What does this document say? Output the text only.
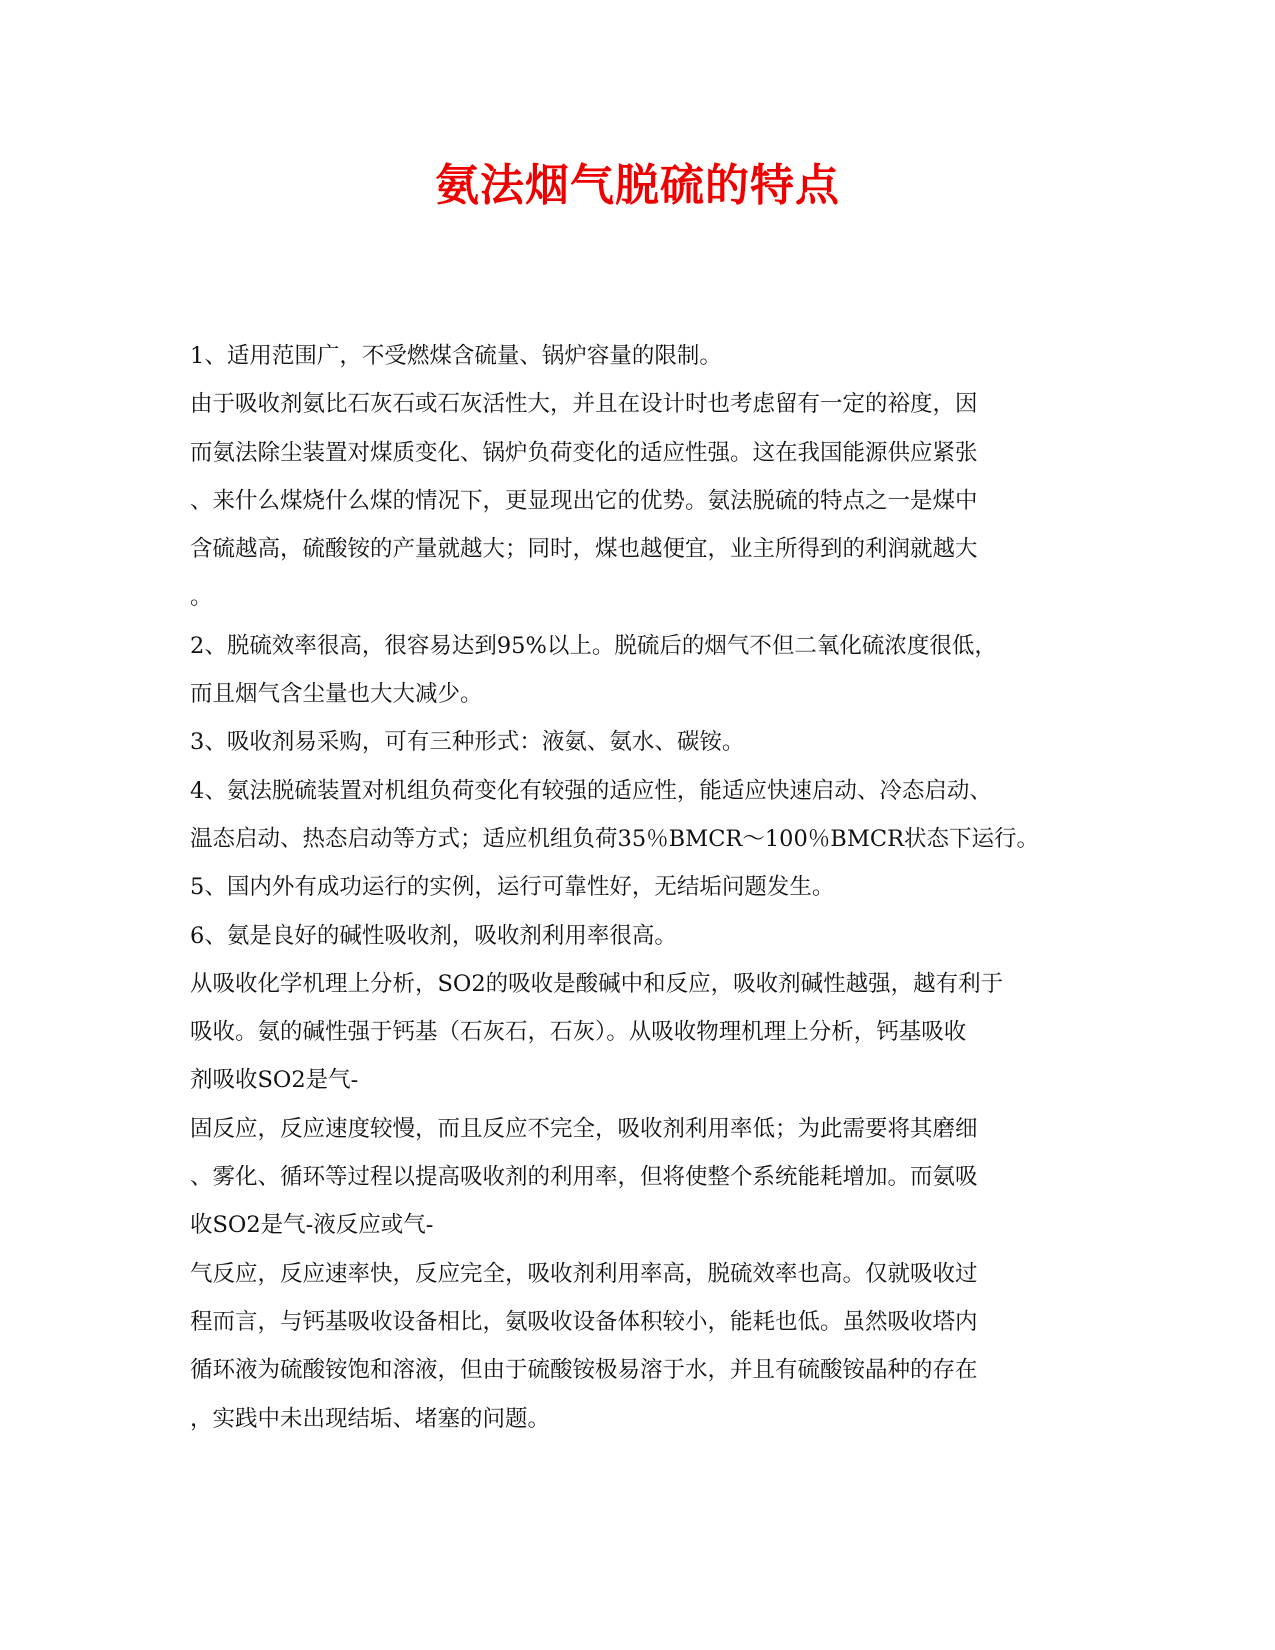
氨法烟气脱硫的特点
1、适用范围广，不受燃煤含硫量、锅炉容量的限制。
由于吸收剂氨比石灰石或石灰活性大，并且在设计时也考虑留有一定的裕度，因
而氨法除尘装置对煤质变化、锅炉负荷变化的适应性强。这在我国能源供应紧张
、来什么煤烧什么煤的情况下，更显现出它的优势。氨法脱硫的特点之一是煤中
含硫越高，硫酸铵的产量就越大；同时，煤也越便宜，业主所得到的利润就越大
。
2、脱硫效率很高，很容易达到95%以上。脱硫后的烟气不但二氧化硫浓度很低，
而且烟气含尘量也大大减少。
3、吸收剂易采购，可有三种形式：液氨、氨水、碳铵。
4、氨法脱硫装置对机组负荷变化有较强的适应性，能适应快速启动、冷态启动、
温态启动、热态启动等方式；适应机组负荷35％BMCR～100％BMCR状态下运行。
5、国内外有成功运行的实例，运行可靠性好，无结垢问题发生。
6、氨是良好的碱性吸收剂，吸收剂利用率很高。
从吸收化学机理上分析，SO2的吸收是酸碱中和反应，吸收剂碱性越强，越有利于
吸收。氨的碱性强于钙基（石灰石，石灰）。从吸收物理机理上分析，钙基吸收
剂吸收SO2是气-
固反应，反应速度较慢，而且反应不完全，吸收剂利用率低；为此需要将其磨细
、雾化、循环等过程以提高吸收剂的利用率，但将使整个系统能耗增加。而氨吸
收SO2是气-液反应或气-
气反应，反应速率快，反应完全，吸收剂利用率高，脱硫效率也高。仅就吸收过
程而言，与钙基吸收设备相比，氨吸收设备体积较小，能耗也低。虽然吸收塔内
循环液为硫酸铵饱和溶液，但由于硫酸铵极易溶于水，并且有硫酸铵晶种的存在
，实践中未出现结垢、堵塞的问题。
